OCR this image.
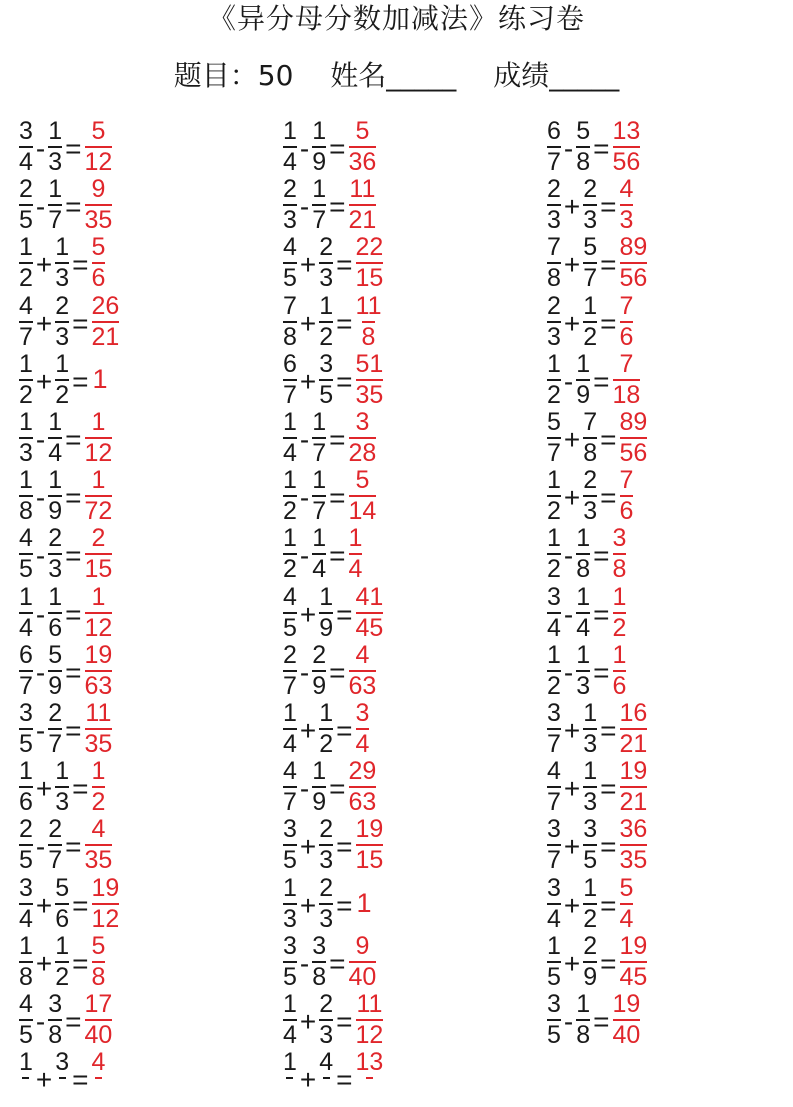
《异分母分数加减法》练习卷
题目：50 姓名_____ 成绩_____
$\frac{3}{4} - \frac{1}{3} = \frac{5}{12}$
$\frac{2}{5} - \frac{1}{7} = \frac{9}{35}$
$\frac{1}{2} + \frac{1}{3} = \frac{5}{6}$
$\frac{4}{7} + \frac{2}{3} = \frac{26}{21}$
$\frac{1}{2} + \frac{1}{2} = 1$
$\frac{1}{3} - \frac{1}{4} = \frac{1}{12}$
$\frac{1}{8} - \frac{1}{9} = \frac{1}{72}$
$\frac{4}{5} - \frac{2}{3} = \frac{2}{15}$
$\frac{1}{4} - \frac{1}{6} = \frac{1}{12}$
$\frac{6}{7} - \frac{5}{9} = \frac{19}{63}$
$\frac{3}{5} - \frac{2}{7} = \frac{11}{35}$
$\frac{1}{6} + \frac{1}{3} = \frac{1}{2}$
$\frac{2}{5} - \frac{2}{7} = \frac{4}{35}$
$\frac{3}{4} + \frac{5}{6} = \frac{19}{12}$
$\frac{1}{8} + \frac{1}{2} = \frac{5}{8}$
$\frac{4}{5} - \frac{3}{8} = \frac{17}{40}$
1

+
3

=
4

$\frac{1}{4} - \frac{1}{9} = \frac{5}{36}$
$\frac{2}{3} - \frac{1}{7} = \frac{11}{21}$
$\frac{4}{5} + \frac{2}{3} = \frac{22}{15}$
$\frac{7}{8} + \frac{1}{2} = \frac{11}{8}$
$\frac{6}{7} + \frac{3}{5} = \frac{51}{35}$
$\frac{1}{4} - \frac{1}{7} = \frac{3}{28}$
$\frac{1}{2} - \frac{1}{7} = \frac{5}{14}$
$\frac{1}{2} - \frac{1}{4} = \frac{1}{4}$
$\frac{4}{5} + \frac{1}{9} = \frac{41}{45}$
$\frac{2}{7} - \frac{2}{9} = \frac{4}{63}$
$\frac{1}{4} + \frac{1}{2} = \frac{3}{4}$
$\frac{4}{7} - \frac{1}{9} = \frac{29}{63}$
$\frac{3}{5} + \frac{2}{3} = \frac{19}{15}$
$\frac{1}{3} + \frac{2}{3} = 1$
$\frac{3}{5} - \frac{3}{8} = \frac{9}{40}$
$\frac{1}{4} + \frac{2}{3} = \frac{11}{12}$
1

+
4

=
13

$\frac{6}{7} - \frac{5}{8} = \frac{13}{56}$
$\frac{2}{3} + \frac{2}{3} = \frac{4}{3}$
$\frac{7}{8} + \frac{5}{7} = \frac{89}{56}$
$\frac{2}{3} + \frac{1}{2} = \frac{7}{6}$
$\frac{1}{2} - \frac{1}{9} = \frac{7}{18}$
$\frac{5}{7} + \frac{7}{8} = \frac{89}{56}$
$\frac{1}{2} + \frac{2}{3} = \frac{7}{6}$
$\frac{1}{2} - \frac{1}{8} = \frac{3}{8}$
$\frac{3}{4} - \frac{1}{4} = \frac{1}{2}$
$\frac{1}{2} - \frac{1}{3} = \frac{1}{6}$
$\frac{3}{7} + \frac{1}{3} = \frac{16}{21}$
$\frac{4}{7} + \frac{1}{3} = \frac{19}{21}$
$\frac{3}{7} + \frac{3}{5} = \frac{36}{35}$
$\frac{3}{4} + \frac{1}{2} = \frac{5}{4}$
$\frac{1}{5} + \frac{2}{9} = \frac{19}{45}$
$\frac{3}{5} - \frac{1}{8} = \frac{19}{40}$
